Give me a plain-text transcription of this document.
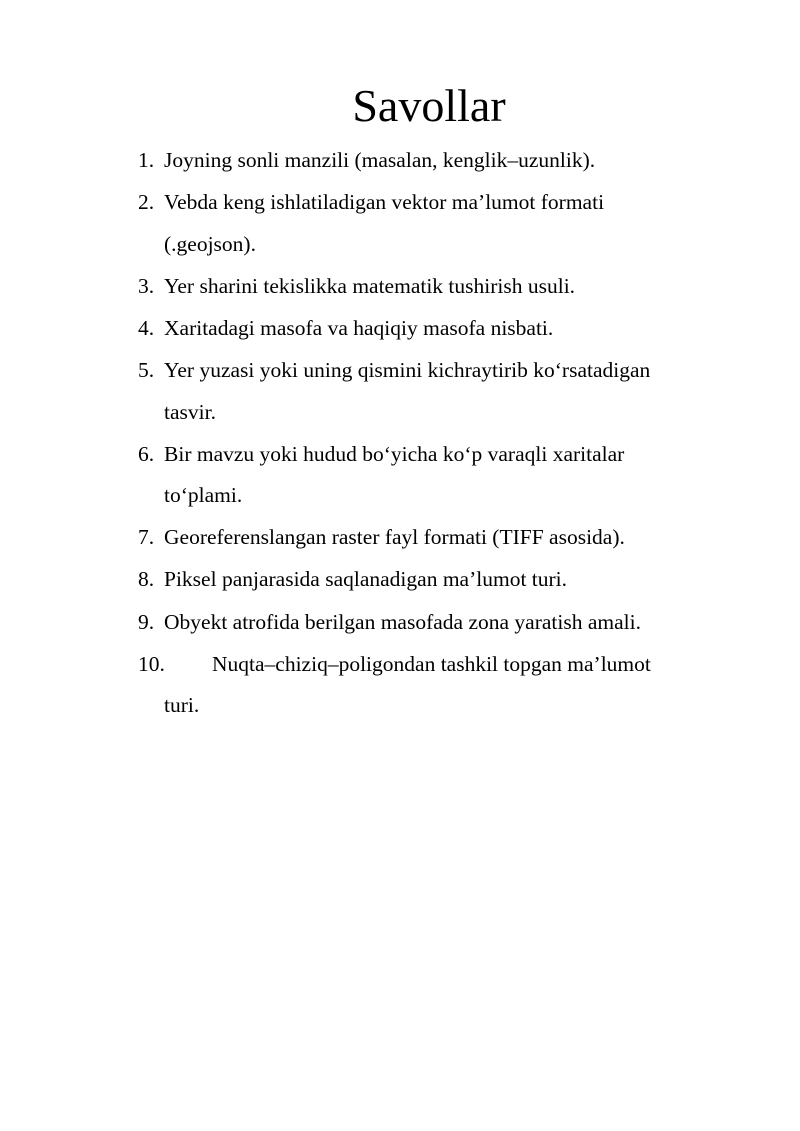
Savollar
1. Joyning sonli manzili (masalan, kenglik–uzunlik).
2. Vebda keng ishlatiladigan vektor ma’lumot formati
(.geojson).
3. Yer sharini tekislikka matematik tushirish usuli.
4. Xaritadagi masofa va haqiqiy masofa nisbati.
5. Yer yuzasi yoki uning qismini kichraytirib ko‘rsatadigan
tasvir.
6. Bir mavzu yoki hudud bo‘yicha ko‘p varaqli xaritalar
to‘plami.
7. Georeferenslangan raster fayl formati (TIFF asosida).
8. Piksel panjarasida saqlanadigan ma’lumot turi.
9. Obyekt atrofida berilgan masofada zona yaratish amali.
10. Nuqta–chiziq–poligondan tashkil topgan ma’lumot
turi.
